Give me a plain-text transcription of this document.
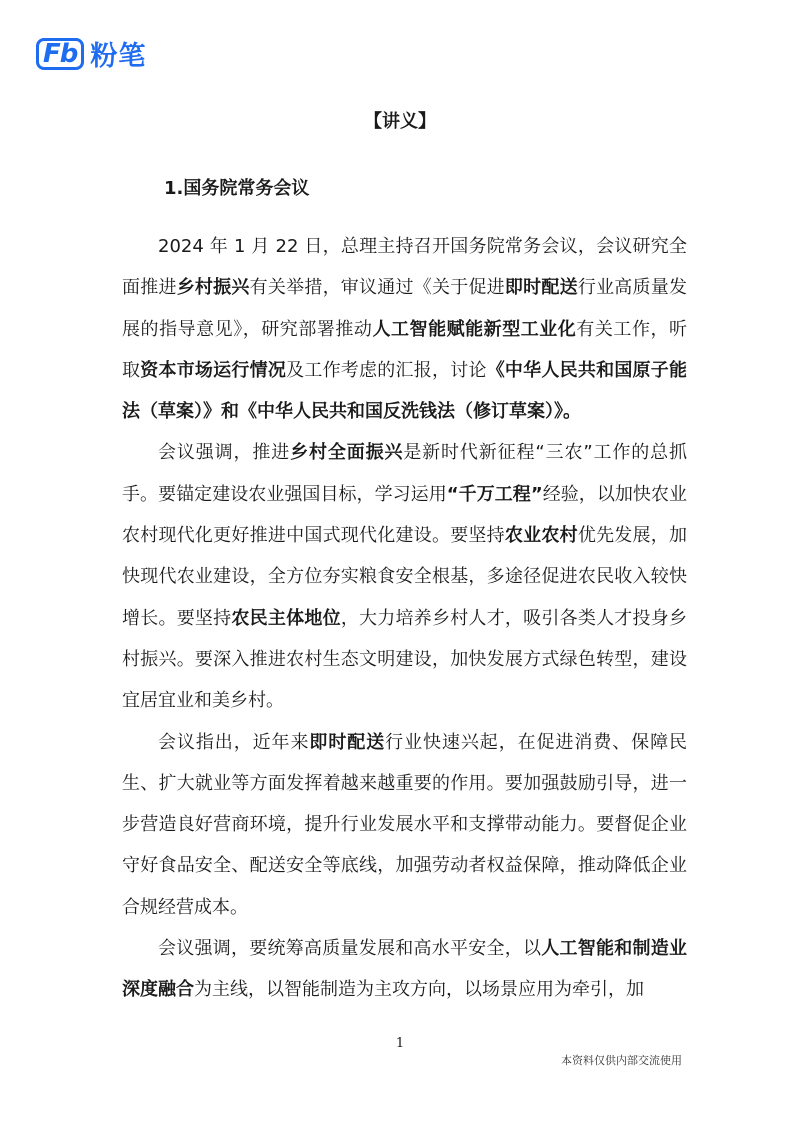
Fb 粉笔
【讲义】
1.国务院常务会议

2024 年 1 月 22 日，总理主持召开国务院常务会议，会议研究全面推进乡村振兴有关举措，审议通过《关于促进即时配送行业高质量发展的指导意见》，研究部署推动人工智能赋能新型工业化有关工作，听取资本市场运行情况及工作考虑的汇报，讨论《中华人民共和国原子能法（草案）》和《中华人民共和国反洗钱法（修订草案）》。

会议强调，推进乡村全面振兴是新时代新征程“三农”工作的总抓手。要锚定建设农业强国目标，学习运用“千万工程”经验，以加快农业农村现代化更好推进中国式现代化建设。要坚持农业农村优先发展，加快现代农业建设，全方位夯实粮食安全根基，多途径促进农民收入较快增长。要坚持农民主体地位，大力培养乡村人才，吸引各类人才投身乡村振兴。要深入推进农村生态文明建设，加快发展方式绿色转型，建设宜居宜业和美乡村。

会议指出，近年来即时配送行业快速兴起，在促进消费、保障民生、扩大就业等方面发挥着越来越重要的作用。要加强鼓励引导，进一步营造良好营商环境，提升行业发展水平和支撑带动能力。要督促企业守好食品安全、配送安全等底线，加强劳动者权益保障，推动降低企业合规经营成本。

会议强调，要统筹高质量发展和高水平安全，以人工智能和制造业深度融合为主线，以智能制造为主攻方向，以场景应用为牵引，加

1
本资料仅供内部交流使用
